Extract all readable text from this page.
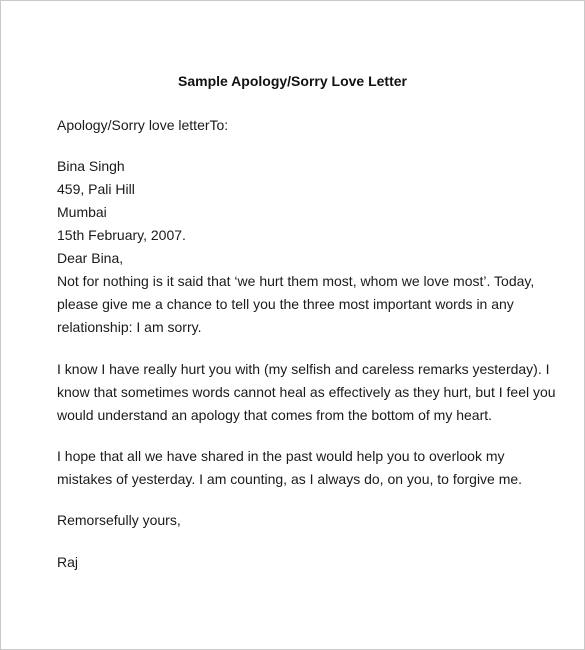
Sample Apology/Sorry Love Letter
Apology/Sorry love letterTo:
Bina Singh
459, Pali Hill
Mumbai
15th February, 2007.
Dear Bina,
Not for nothing is it said that ‘we hurt them most, whom we love most’. Today,
please give me a chance to tell you the three most important words in any
relationship: I am sorry.
I know I have really hurt you with (my selfish and careless remarks yesterday). I
know that sometimes words cannot heal as effectively as they hurt, but I feel you
would understand an apology that comes from the bottom of my heart.
I hope that all we have shared in the past would help you to overlook my
mistakes of yesterday. I am counting, as I always do, on you, to forgive me.
Remorsefully yours,
Raj
